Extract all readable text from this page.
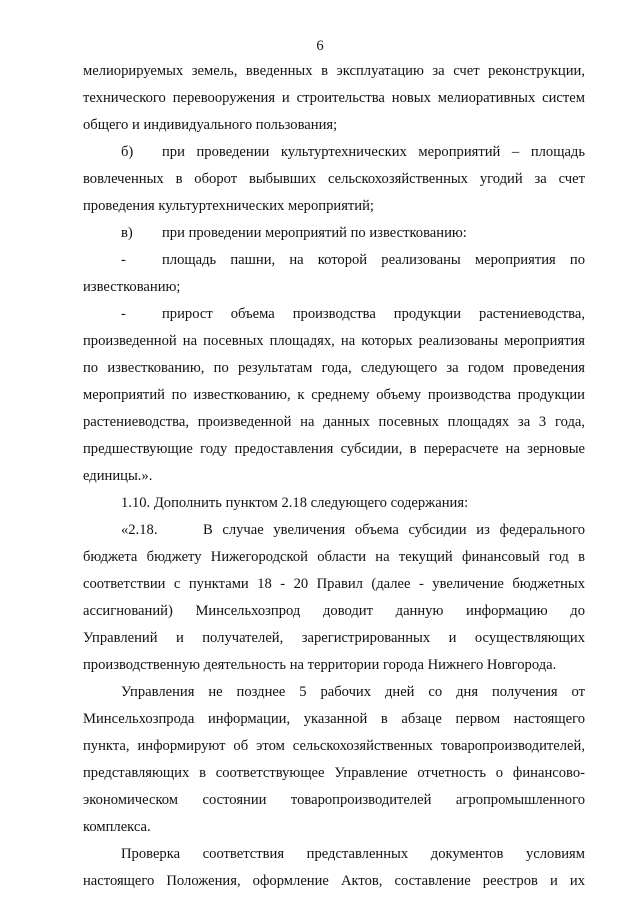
6
мелиорируемых земель, введенных в эксплуатацию за счет реконструкции,
технического перевооружения и строительства новых мелиоративных систем
общего и индивидуального пользования;
б) при проведении культуртехнических мероприятий – площадь
вовлеченных в оборот выбывших сельскохозяйственных угодий за счет
проведения культуртехнических мероприятий;
в) при проведении мероприятий по известкованию:
- площадь пашни, на которой реализованы мероприятия по
известкованию;
- прирост объема производства продукции растениеводства,
произведенной на посевных площадях, на которых реализованы мероприятия
по известкованию, по результатам года, следующего за годом проведения
мероприятий по известкованию, к среднему объему производства продукции
растениеводства, произведенной на данных посевных площадях за 3 года,
предшествующие году предоставления субсидии, в перерасчете на зерновые
единицы.».
1.10. Дополнить пунктом 2.18 следующего содержания:
«2.18.	В случае увеличения объема субсидии из федерального
бюджета бюджету Нижегородской области на текущий финансовый год в
соответствии с пунктами 18 - 20 Правил (далее - увеличение бюджетных
ассигнований) Минсельхозпрод доводит данную информацию до
Управлений и получателей, зарегистрированных и осуществляющих
производственную деятельность на территории города Нижнего Новгорода.
Управления не позднее 5 рабочих дней со дня получения от
Минсельхозпрода информации, указанной в абзаце первом настоящего
пункта, информируют об этом сельскохозяйственных товаропроизводителей,
представляющих в соответствующее Управление отчетность о финансово-
экономическом состоянии товаропроизводителей агропромышленного
комплекса.
Проверка соответствия представленных документов условиям
настоящего Положения, оформление Актов, составление реестров и их
